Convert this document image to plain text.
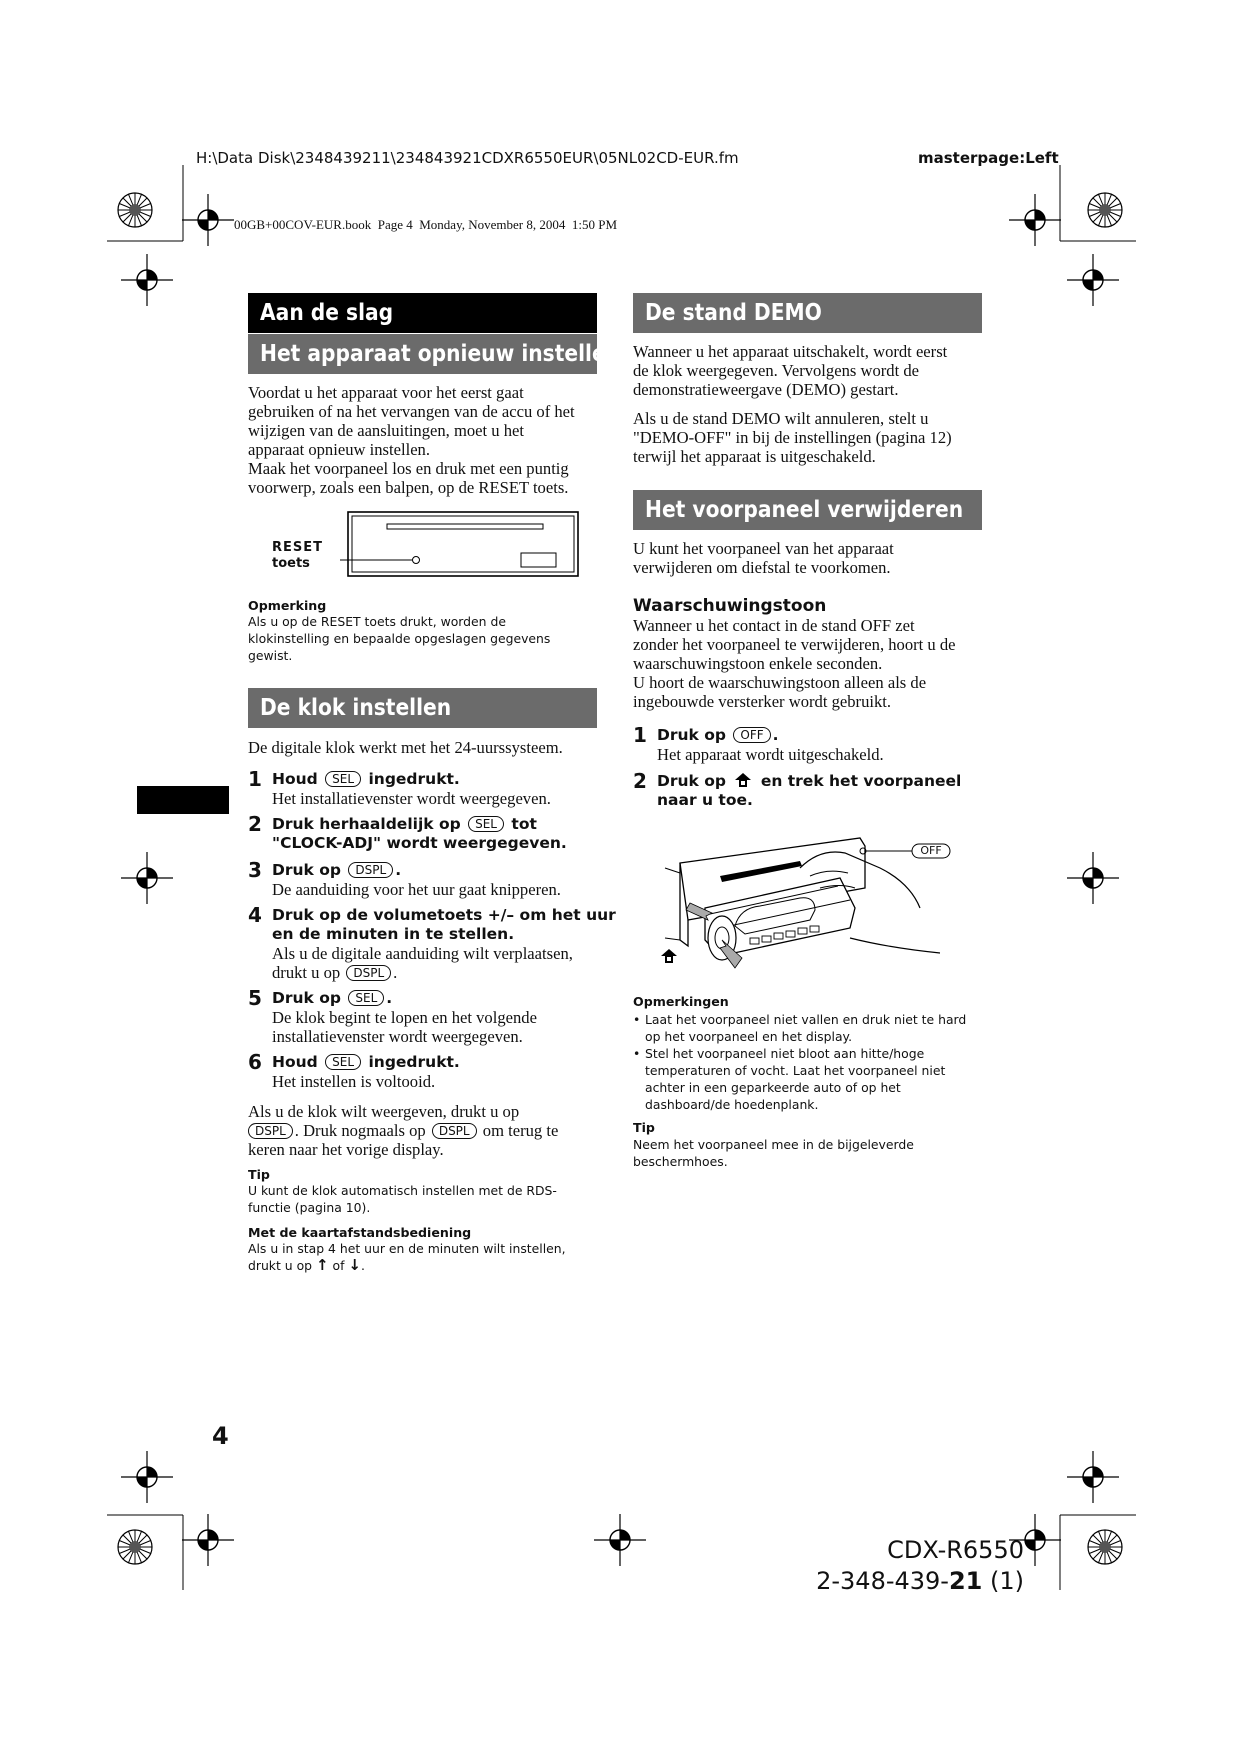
H:\Data Disk\2348439211\234843921CDXR6550EUR\05NL02CD-EUR.fm	masterpage:Left
00GB+00COV-EUR.book  Page 4  Monday, November 8, 2004  1:50 PM
Aan de slag
Het apparaat opnieuw instellen
Voordat u het apparaat voor het eerst gaat
gebruiken of na het vervangen van de accu of het
wijzigen van de aansluitingen, moet u het
apparaat opnieuw instellen.
Maak het voorpaneel los en druk met een puntig
voorwerp, zoals een balpen, op de RESET toets.
RESET
toets
Opmerking
Als u op de RESET toets drukt, worden de
klokinstelling en bepaalde opgeslagen gegevens
gewist.
De klok instellen
De digitale klok werkt met het 24-uurssysteem.
1 Houd SEL ingedrukt.
Het installatievenster wordt weergegeven.
2 Druk herhaaldelijk op SEL tot
"CLOCK-ADJ" wordt weergegeven.
3 Druk op DSPL .
De aanduiding voor het uur gaat knipperen.
4 Druk op de volumetoets +/– om het uur
en de minuten in te stellen.
Als u de digitale aanduiding wilt verplaatsen,
drukt u op DSPL .
5 Druk op SEL .
De klok begint te lopen en het volgende
installatievenster wordt weergegeven.
6 Houd SEL ingedrukt.
Het instellen is voltooid.
Als u de klok wilt weergeven, drukt u op
DSPL . Druk nogmaals op DSPL om terug te
keren naar het vorige display.
Tip
U kunt de klok automatisch instellen met de RDS-
functie (pagina 10).
Met de kaartafstandsbediening
Als u in stap 4 het uur en de minuten wilt instellen,
drukt u op ↑ of ↓.
De stand DEMO
Wanneer u het apparaat uitschakelt, wordt eerst
de klok weergegeven. Vervolgens wordt de
demonstratieweergave (DEMO) gestart.
Als u de stand DEMO wilt annuleren, stelt u
"DEMO-OFF" in bij de instellingen (pagina 12)
terwijl het apparaat is uitgeschakeld.
Het voorpaneel verwijderen
U kunt het voorpaneel van het apparaat
verwijderen om diefstal te voorkomen.
Waarschuwingstoon
Wanneer u het contact in de stand OFF zet
zonder het voorpaneel te verwijderen, hoort u de
waarschuwingstoon enkele seconden.
U hoort de waarschuwingstoon alleen als de
ingebouwde versterker wordt gebruikt.
1 Druk op OFF .
Het apparaat wordt uitgeschakeld.
2 Druk op en trek het voorpaneel
naar u toe.
OFF
Opmerkingen
• Laat het voorpaneel niet vallen en druk niet te hard
op het voorpaneel en het display.
• Stel het voorpaneel niet bloot aan hitte/hoge
temperaturen of vocht. Laat het voorpaneel niet
achter in een geparkeerde auto of op het
dashboard/de hoedenplank.
Tip
Neem het voorpaneel mee in de bijgeleverde
beschermhoes.
4
CDX-R6550
2-348-439-21 (1)
